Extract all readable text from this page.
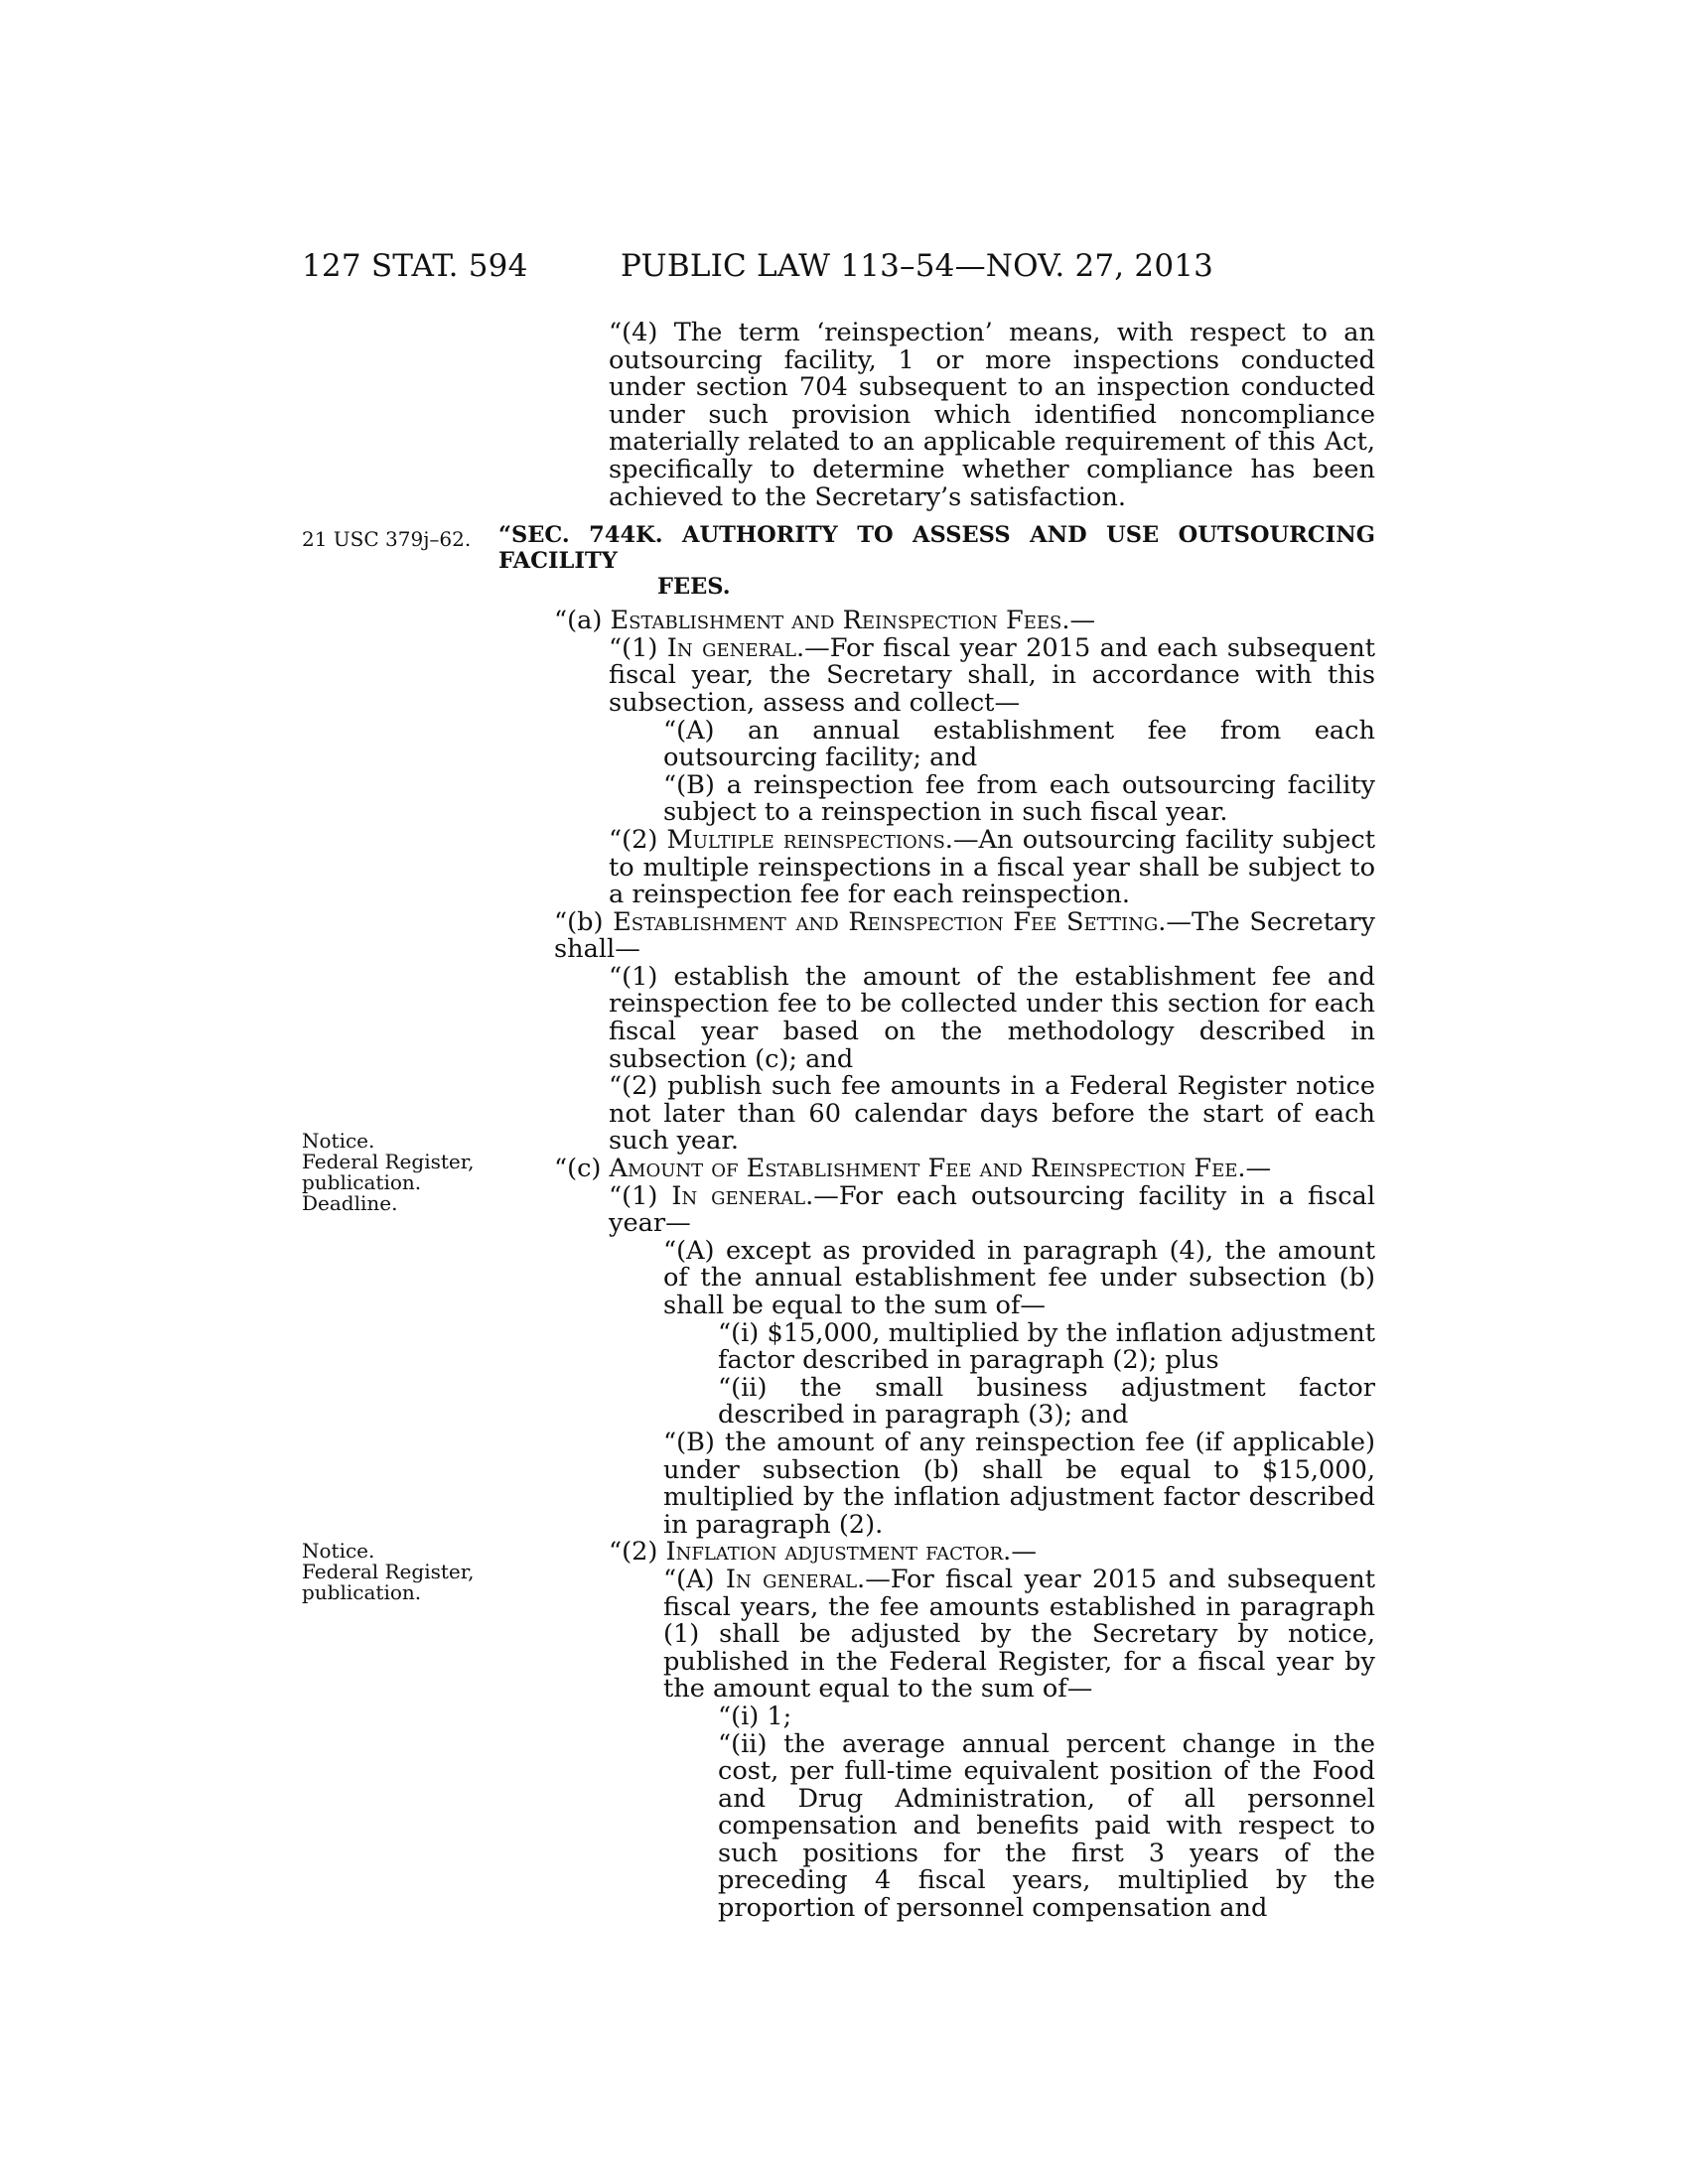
127 STAT. 594	PUBLIC LAW 113–54—NOV. 27, 2013
21 USC 379j–62.
Notice.
Federal Register,
publication.
Deadline.
Notice.
Federal Register,
publication.

“(4) The term ‘reinspection’ means, with respect to an outsourcing facility, 1 or more inspections conducted under section 704 subsequent to an inspection conducted under such provision which identified noncompliance materially related to an applicable requirement of this Act, specifically to determine whether compliance has been achieved to the Secretary’s satisfaction.

“SEC. 744K. AUTHORITY TO ASSESS AND USE OUTSOURCING FACILITY
FEES.

“(a) Establishment and Reinspection Fees.—

“(1) In general.—For fiscal year 2015 and each subsequent fiscal year, the Secretary shall, in accordance with this subsection, assess and collect—

“(A) an annual establishment fee from each outsourcing facility; and

“(B) a reinspection fee from each outsourcing facility subject to a reinspection in such fiscal year.

“(2) Multiple reinspections.—An outsourcing facility subject to multiple reinspections in a fiscal year shall be subject to a reinspection fee for each reinspection.

“(b) Establishment and Reinspection Fee Setting.—The Secretary shall—

“(1) establish the amount of the establishment fee and reinspection fee to be collected under this section for each fiscal year based on the methodology described in subsection (c); and

“(2) publish such fee amounts in a Federal Register notice not later than 60 calendar days before the start of each such year.

“(c) Amount of Establishment Fee and Reinspection Fee.—

“(1) In general.—For each outsourcing facility in a fiscal year—

“(A) except as provided in paragraph (4), the amount of the annual establishment fee under subsection (b) shall be equal to the sum of—

“(i) $15,000, multiplied by the inflation adjustment factor described in paragraph (2); plus

“(ii) the small business adjustment factor described in paragraph (3); and

“(B) the amount of any reinspection fee (if applicable) under subsection (b) shall be equal to $15,000, multiplied by the inflation adjustment factor described in paragraph (2).

“(2) Inflation adjustment factor.—

“(A) In general.—For fiscal year 2015 and subsequent fiscal years, the fee amounts established in paragraph (1) shall be adjusted by the Secretary by notice, published in the Federal Register, for a fiscal year by the amount equal to the sum of—

“(i) 1;

“(ii) the average annual percent change in the cost, per full-time equivalent position of the Food and Drug Administration, of all personnel compensation and benefits paid with respect to such positions for the first 3 years of the preceding 4 fiscal years, multiplied by the proportion of personnel compensation and
